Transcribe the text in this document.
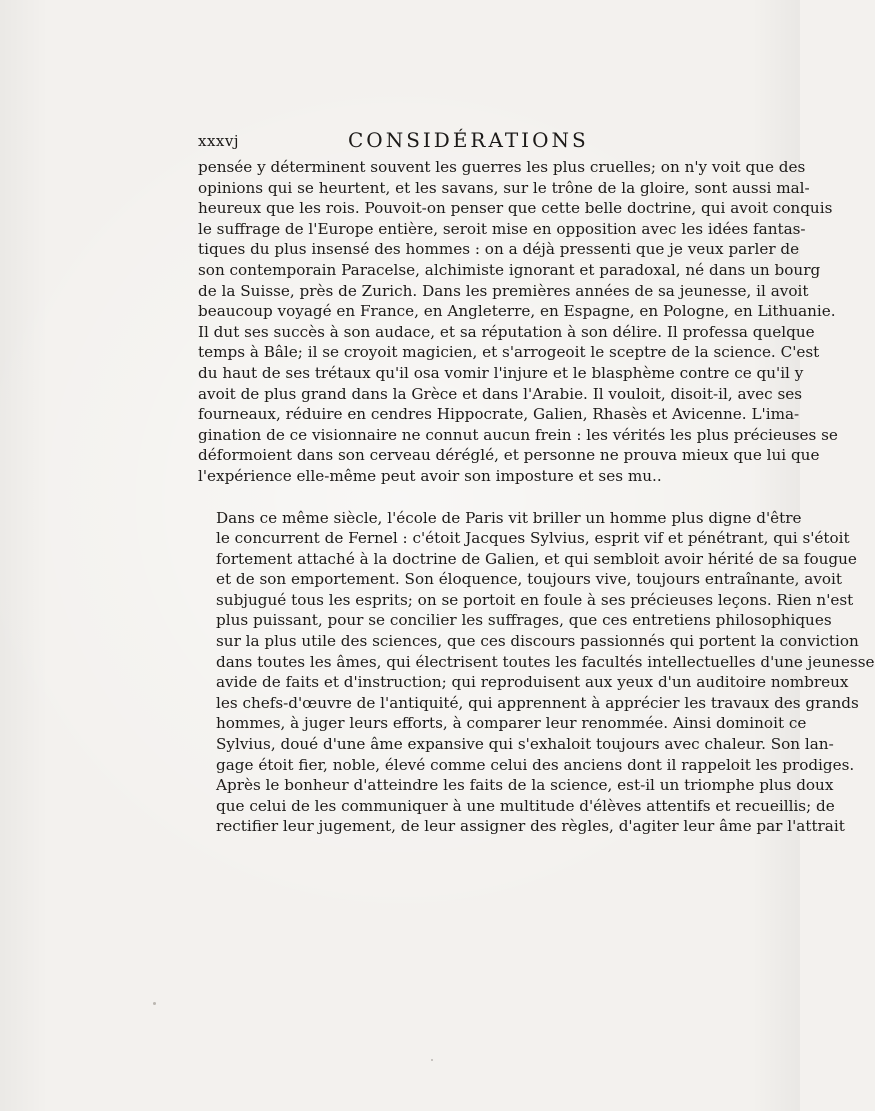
xxxvj	CONSIDÉRATIONS

pensée y déterminent souvent les guerres les plus cruelles; on n'y voit que des
opinions qui se heurtent, et les savans, sur le trône de la gloire, sont aussi mal-
heureux que les rois. Pouvoit-on penser que cette belle doctrine, qui avoit conquis
le suffrage de l'Europe entière, seroit mise en opposition avec les idées fantas-
tiques du plus insensé des hommes : on a déjà pressenti que je veux parler de
son contemporain Paracelse, alchimiste ignorant et paradoxal, né dans un bourg
de la Suisse, près de Zurich. Dans les premières années de sa jeunesse, il avoit
beaucoup voyagé en France, en Angleterre, en Espagne, en Pologne, en Lithuanie.
Il dut ses succès à son audace, et sa réputation à son délire. Il professa quelque
temps à Bâle; il se croyoit magicien, et s'arrogeoit le sceptre de la science. C'est
du haut de ses trétaux qu'il osa vomir l'injure et le blasphème contre ce qu'il y
avoit de plus grand dans la Grèce et dans l'Arabie. Il vouloit, disoit-il, avec ses
fourneaux, réduire en cendres Hippocrate, Galien, Rhasès et Avicenne. L'ima-
gination de ce visionnaire ne connut aucun frein : les vérités les plus précieuses se
déformoient dans son cerveau déréglé, et personne ne prouva mieux que lui que
l'expérience elle-même peut avoir son imposture et ses mu..

Dans ce même siècle, l'école de Paris vit briller un homme plus digne d'être
le concurrent de Fernel : c'étoit Jacques Sylvius, esprit vif et pénétrant, qui s'étoit
fortement attaché à la doctrine de Galien, et qui sembloit avoir hérité de sa fougue
et de son emportement. Son éloquence, toujours vive, toujours entraînante, avoit
subjugué tous les esprits; on se portoit en foule à ses précieuses leçons. Rien n'est
plus puissant, pour se concilier les suffrages, que ces entretiens philosophiques
sur la plus utile des sciences, que ces discours passionnés qui portent la conviction
dans toutes les âmes, qui électrisent toutes les facultés intellectuelles d'une jeunesse
avide de faits et d'instruction; qui reproduisent aux yeux d'un auditoire nombreux
les chefs-d'œuvre de l'antiquité, qui apprennent à apprécier les travaux des grands
hommes, à juger leurs efforts, à comparer leur renommée. Ainsi dominoit ce
Sylvius, doué d'une âme expansive qui s'exhaloit toujours avec chaleur. Son lan-
gage étoit fier, noble, élevé comme celui des anciens dont il rappeloit les prodiges.
Après le bonheur d'atteindre les faits de la science, est-il un triomphe plus doux
que celui de les communiquer à une multitude d'élèves attentifs et recueillis; de
rectifier leur jugement, de leur assigner des règles, d'agiter leur âme par l'attrait
